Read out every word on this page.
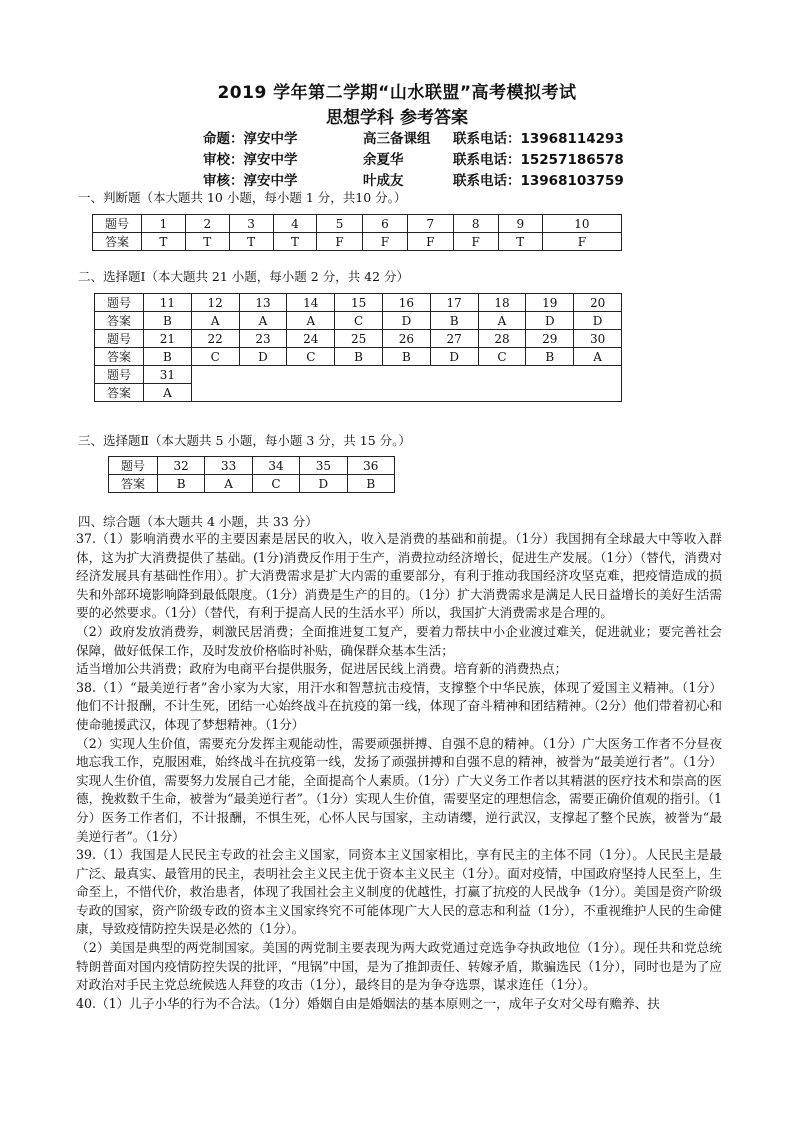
2019 学年第二学期“山水联盟”高考模拟考试
思想学科 参考答案
命题：淳安中学	高三备课组 联系电话：13968114293
审校：淳安中学	余夏华	联系电话：15257186578
审核：淳安中学	叶成友	联系电话：13968103759
一、判断题（本大题共 10 小题，每小题 1 分，共10 分。）
题号	1	2	3	4	5	6	7	8	9	10
答案	T	T	T	T	F	F	F	F	T	F
二、选择题Ⅰ（本大题共 21 小题，每小题 2 分，共 42 分）
题号	11	12	13	14	15	16	17	18	19	20
答案	B	A	A	A	C	D	B	A	D	D
题号	21	22	23	24	25	26	27	28	29	30
答案	B	C	D	C	B	B	D	C	B	A
题号	31									
答案	A									
三、选择题Ⅱ（本大题共 5 小题，每小题 3 分，共 15 分。）
题号	32	33	34	35	36
答案	B	A	C	D	B
四、综合题（本大题共 4 小题，共 33 分）

37.（1）影响消费水平的主要因素是居民的收入，收入是消费的基础和前提。（1分）我国拥有全球最大中等收入群体，这为扩大消费提供了基础。(1分)消费反作用于生产，消费拉动经济增长，促进生产发展。（1分）（替代，消费对经济发展具有基础性作用）。扩大消费需求是扩大内需的重要部分，有利于推动我国经济攻坚克难，把疫情造成的损失和外部环境影响降到最低限度。（1分）消费是生产的目的。（1分）扩大消费需求是满足人民日益增长的美好生活需要的必然要求。（1分）（替代，有利于提高人民的生活水平）所以，我国扩大消费需求是合理的。

（2）政府发放消费券，刺激民居消费；全面推进复工复产，要着力帮扶中小企业渡过难关，促进就业；要完善社会保障，做好低保工作，及时发放价格临时补贴，确保群众基本生活；

适当增加公共消费；政府为电商平台提供服务，促进居民线上消费。培育新的消费热点；

38.（1）“最美逆行者”舍小家为大家，用汗水和智慧抗击疫情，支撑整个中华民族，体现了爱国主义精神。（1分）他们不计报酬，不计生死，团结一心始终战斗在抗疫的第一线，体现了奋斗精神和团结精神。（2分）他们带着初心和使命驰援武汉，体现了梦想精神。（1分）

（2）实现人生价值，需要充分发挥主观能动性，需要顽强拼搏、自强不息的精神。（1分）广大医务工作者不分昼夜地忘我工作，克服困难，始终战斗在抗疫第一线，发扬了顽强拼搏和自强不息的精神，被誉为“最美逆行者”。（1分）实现人生价值，需要努力发展自己才能，全面提高个人素质。（1分）广大义务工作者以其精湛的医疗技术和崇高的医德，挽救数千生命，被誉为“最美逆行者”。（1分）实现人生价值，需要坚定的理想信念，需要正确价值观的指引。（1分）医务工作者们，不计报酬，不惧生死，心怀人民与国家，主动请缨，逆行武汉，支撑起了整个民族，被誉为“最美逆行者”。（1分）

39.（1）我国是人民民主专政的社会主义国家，同资本主义国家相比，享有民主的主体不同（1分）。人民民主是最广泛、最真实、最管用的民主，表明社会主义民主优于资本主义民主（1分）。面对疫情，中国政府坚持人民至上，生命至上，不惜代价，救治患者，体现了我国社会主义制度的优越性，打赢了抗疫的人民战争（1分）。美国是资产阶级专政的国家，资产阶级专政的资本主义国家终究不可能体现广大人民的意志和利益（1分），不重视维护人民的生命健康，导致疫情防控失误是必然的（1分）。

（2）美国是典型的两党制国家。美国的两党制主要表现为两大政党通过竞选争夺执政地位（1分）。现任共和党总统特朗普面对国内疫情防控失误的批评，“甩锅”中国，是为了推卸责任、转嫁矛盾，欺骗选民（1分），同时也是为了应对政治对手民主党总统候选人拜登的攻击（1分），最终目的是为争夺选票，谋求连任（1分）。

40.（1）儿子小华的行为不合法。（1分）婚姻自由是婚姻法的基本原则之一，成年子女对父母有赡养、扶
